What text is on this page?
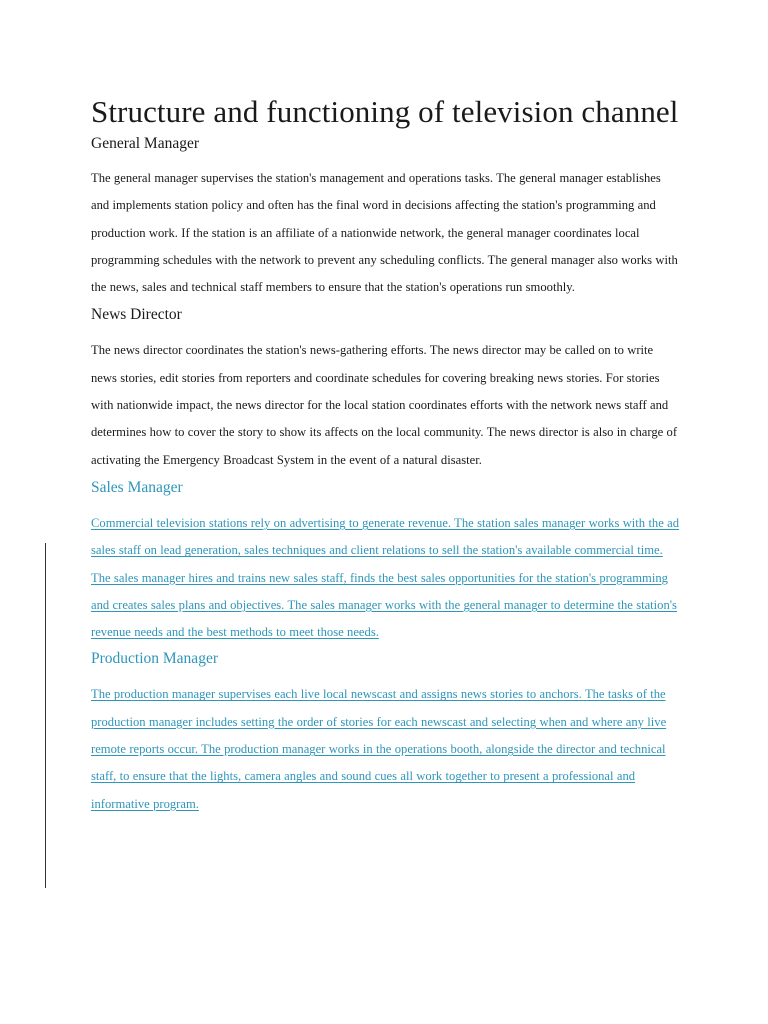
Structure and functioning of television channel
General Manager

The general manager supervises the station's management and operations tasks. The general manager establishes and implements station policy and often has the final word in decisions affecting the station's programming and production work. If the station is an affiliate of a nationwide network, the general manager coordinates local programming schedules with the network to prevent any scheduling conflicts. The general manager also works with the news, sales and technical staff members to ensure that the station's operations run smoothly.

News Director

The news director coordinates the station's news-gathering efforts. The news director may be called on to write news stories, edit stories from reporters and coordinate schedules for covering breaking news stories. For stories with nationwide impact, the news director for the local station coordinates efforts with the network news staff and determines how to cover the story to show its affects on the local community. The news director is also in charge of activating the Emergency Broadcast System in the event of a natural disaster.

Sales Manager

Commercial television stations rely on advertising to generate revenue. The station sales manager works with the ad sales staff on lead generation, sales techniques and client relations to sell the station's available commercial time. The sales manager hires and trains new sales staff, finds the best sales opportunities for the station's programming and creates sales plans and objectives. The sales manager works with the general manager to determine the station's revenue needs and the best methods to meet those needs.

Production Manager

The production manager supervises each live local newscast and assigns news stories to anchors. The tasks of the production manager includes setting the order of stories for each newscast and selecting when and where any live remote reports occur. The production manager works in the operations booth, alongside the director and technical staff, to ensure that the lights, camera angles and sound cues all work together to present a professional and informative program.
